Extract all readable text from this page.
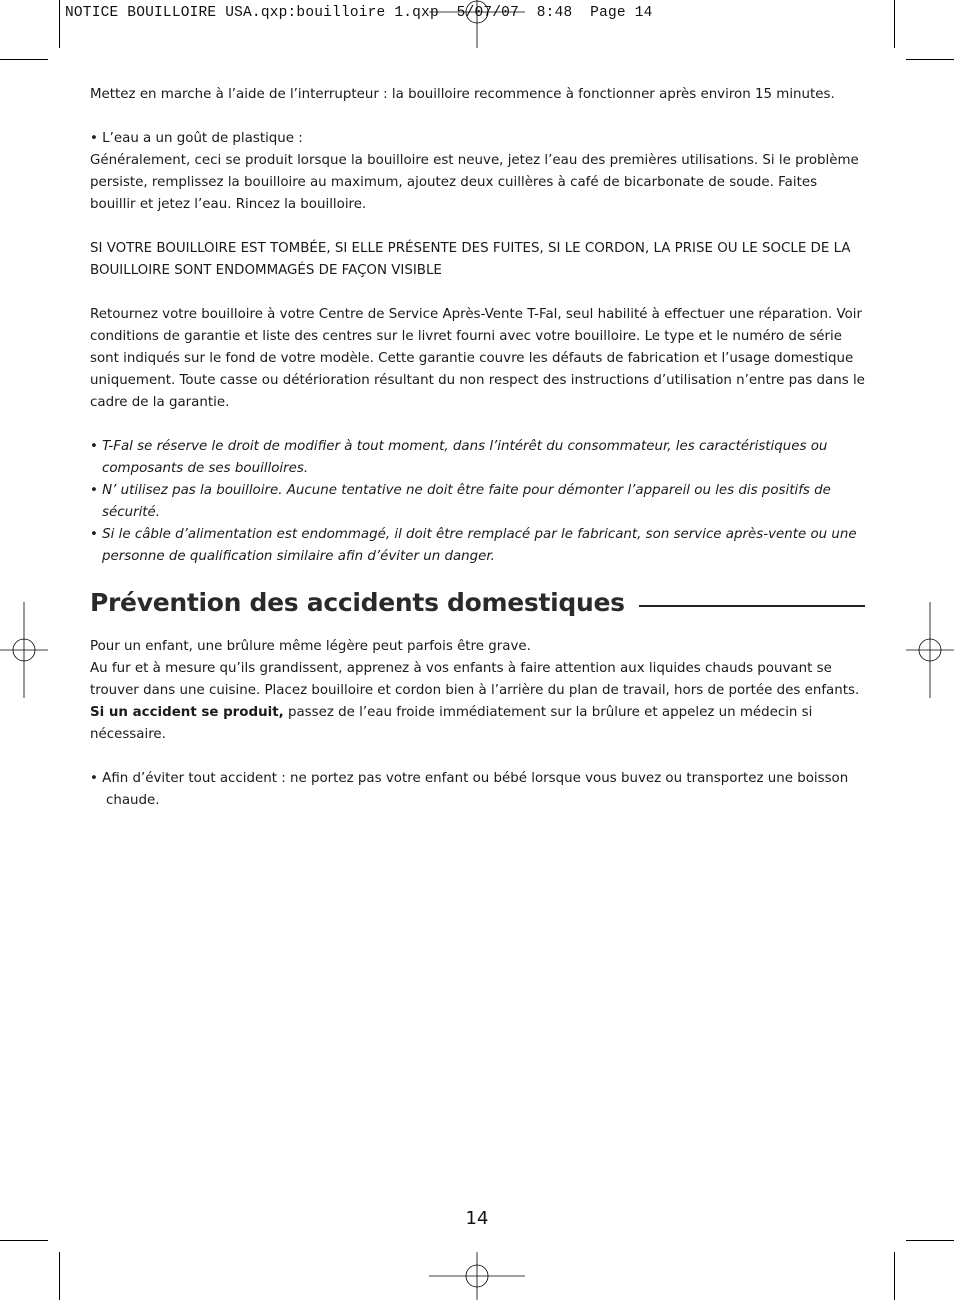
NOTICE BOUILLOIRE USA.qxp:bouilloire 1.qxp  5/07/07  8:48  Page 14

Mettez en marche à l’aide de l’interrupteur : la bouilloire recommence à fonctionner après environ 15 minutes.

• L’eau a un goût de plastique :

Généralement, ceci se produit lorsque la bouilloire est neuve, jetez l’eau des premières utilisations. Si le problème persiste, remplissez la bouilloire au maximum, ajoutez deux cuillères à café de bicarbonate de soude. Faites bouillir et jetez l’eau. Rincez la bouilloire.

SI VOTRE BOUILLOIRE EST TOMBÉE, SI ELLE PRÉSENTE DES FUITES, SI LE CORDON, LA PRISE OU LE SOCLE DE LA BOUILLOIRE SONT ENDOMMAGÉS DE FAÇON VISIBLE

Retournez votre bouilloire à votre Centre de Service Après-Vente T-Fal, seul habilité à effectuer une réparation. Voir conditions de garantie et liste des centres sur le livret fourni avec votre bouilloire. Le type et le numéro de série sont indiqués sur le fond de votre modèle. Cette garantie couvre les défauts de fabrication et l’usage domestique uniquement. Toute casse ou détérioration résultant du non respect des instructions d’utilisation n’entre pas dans le cadre de la garantie.

• T-Fal se réserve le droit de modifier à tout moment, dans l’intérêt du consommateur, les caractéristiques ou composants de ses bouilloires.

• N’ utilisez pas la bouilloire. Aucune tentative ne doit être faite pour démonter l’appareil ou les dis positifs de sécurité.

• Si le câble d’alimentation est endommagé, il doit être remplacé par le fabricant, son service après-vente ou une personne de qualification similaire afin d’éviter un danger.

Prévention des accidents domestiques

Pour un enfant, une brûlure même légère peut parfois être grave.

Au fur et à mesure qu’ils grandissent, apprenez à vos enfants à faire attention aux liquides chauds pouvant se trouver dans une cuisine. Placez bouilloire et cordon bien à l’arrière du plan de travail, hors de portée des enfants.

Si un accident se produit, passez de l’eau froide immédiatement sur la brûlure et appelez un médecin si nécessaire.

• Afin d’éviter tout accident : ne portez pas votre enfant ou bébé lorsque vous buvez ou transportez une boisson chaude.

14
